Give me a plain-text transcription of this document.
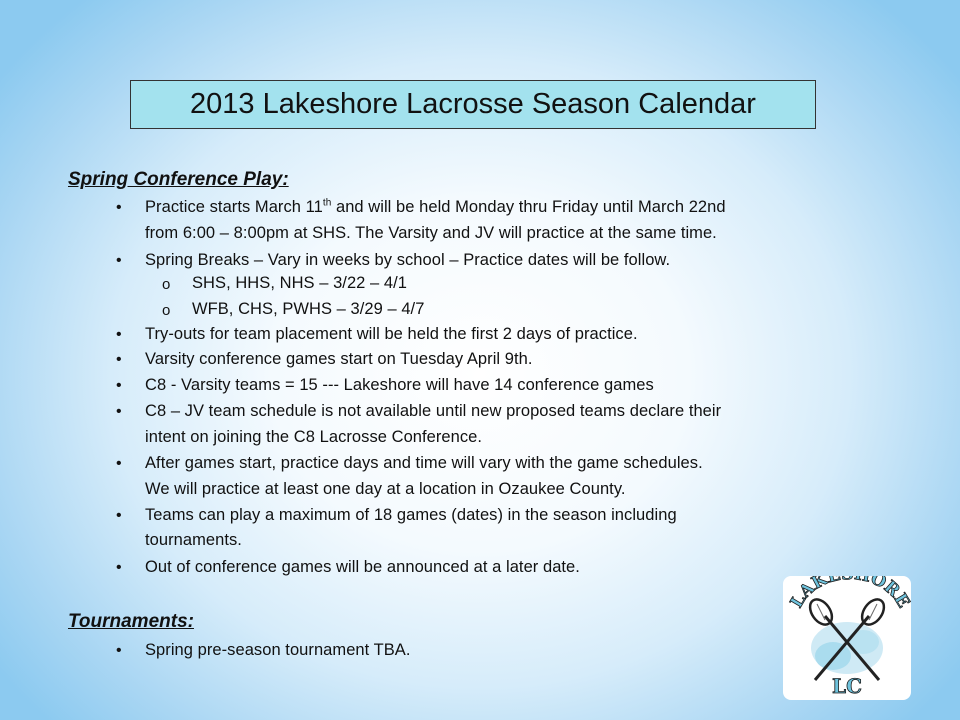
2013 Lakeshore Lacrosse Season Calendar
Spring Conference Play:
• Practice starts March 11th and will be held Monday thru Friday until March 22nd
from 6:00 – 8:00pm at SHS. The Varsity and JV will practice at the same time.
• Spring Breaks – Vary in weeks by school – Practice dates will be follow.
o SHS, HHS, NHS – 3/22 – 4/1
o WFB, CHS, PWHS – 3/29 – 4/7
• Try-outs for team placement will be held the first 2 days of practice.
• Varsity conference games start on Tuesday April 9th.
• C8 - Varsity teams = 15 --- Lakeshore will have 14 conference games
• C8 – JV team schedule is not available until new proposed teams declare their
intent on joining the C8 Lacrosse Conference.
• After games start, practice days and time will vary with the game schedules.
We will practice at least one day at a location in Ozaukee County.
• Teams can play a maximum of 18 games (dates) in the season including
tournaments.
• Out of conference games will be announced at a later date.
Tournaments:
• Spring pre-season tournament TBA.
LAKE ORE
LC
